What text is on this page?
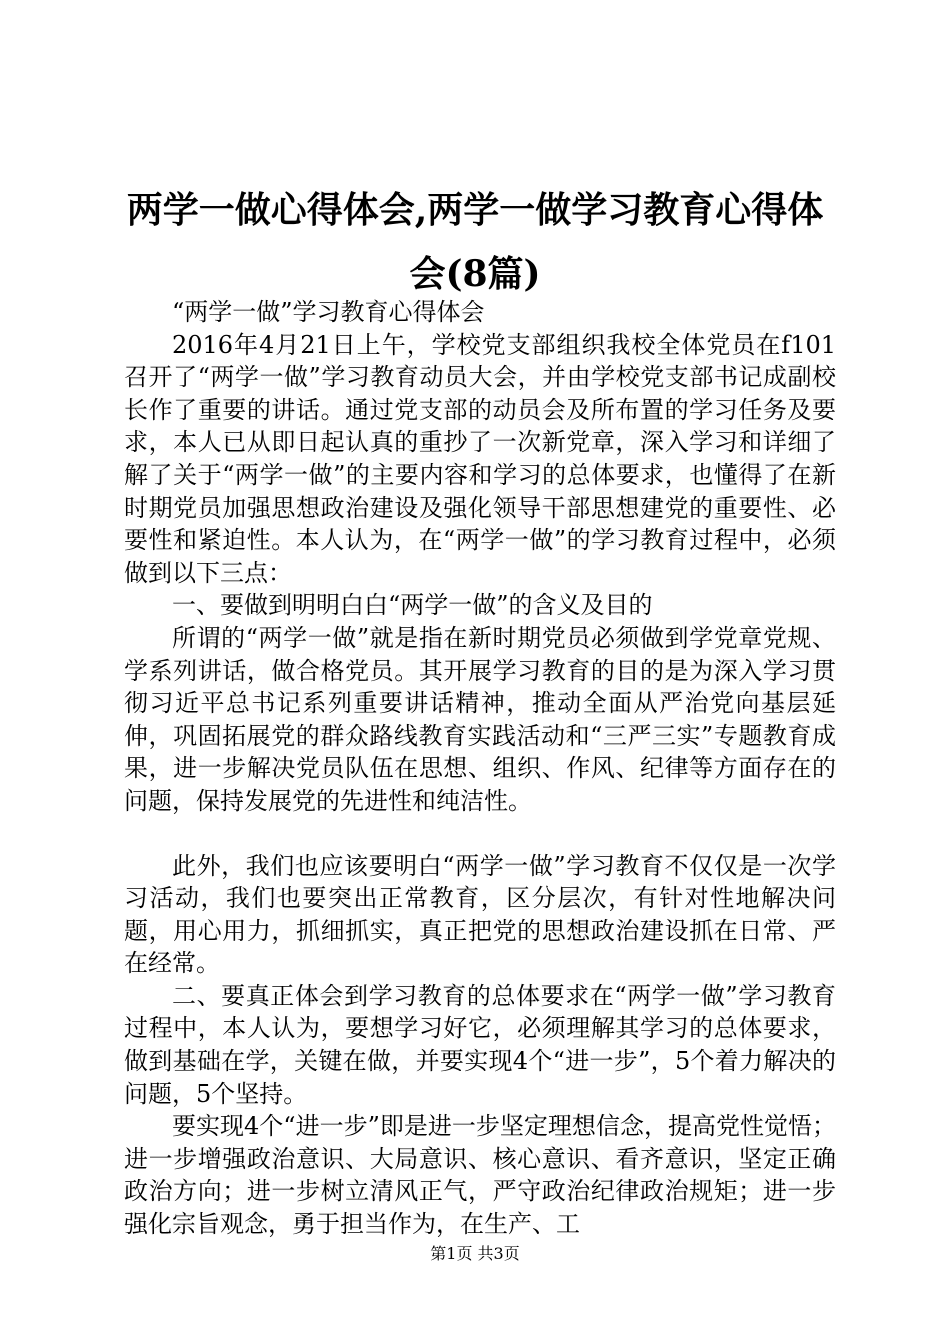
两学一做心得体会,两学一做学习教育心得体会(8篇)

“两学一做”学习教育心得体会

2016年4月21日上午，学校党支部组织我校全体党员在f101召开了“两学一做”学习教育动员大会，并由学校党支部书记成副校长作了重要的讲话。通过党支部的动员会及所布置的学习任务及要求，本人已从即日起认真的重抄了一次新党章，深入学习和详细了解了关于“两学一做”的主要内容和学习的总体要求，也懂得了在新时期党员加强思想政治建设及强化领导干部思想建党的重要性、必要性和紧迫性。本人认为，在“两学一做”的学习教育过程中，必须做到以下三点：

一、要做到明明白白“两学一做”的含义及目的

所谓的“两学一做”就是指在新时期党员必须做到学党章党规、学系列讲话，做合格党员。其开展学习教育的目的是为深入学习贯彻习近平总书记系列重要讲话精神，推动全面从严治党向基层延伸，巩固拓展党的群众路线教育实践活动和“三严三实”专题教育成果，进一步解决党员队伍在思想、组织、作风、纪律等方面存在的问题，保持发展党的先进性和纯洁性。

此外，我们也应该要明白“两学一做”学习教育不仅仅是一次学习活动，我们也要突出正常教育，区分层次，有针对性地解决问题，用心用力，抓细抓实，真正把党的思想政治建设抓在日常、严在经常。

二、要真正体会到学习教育的总体要求在“两学一做”学习教育过程中，本人认为，要想学习好它，必须理解其学习的总体要求，做到基础在学，关键在做，并要实现4个“进一步”，5个着力解决的问题，5个坚持。

要实现4个“进一步”即是进一步坚定理想信念，提高党性觉悟；进一步增强政治意识、大局意识、核心意识、看齐意识，坚定正确政治方向；进一步树立清风正气，严守政治纪律政治规矩；进一步强化宗旨观念，勇于担当作为，在生产、工

第1页 共3页
